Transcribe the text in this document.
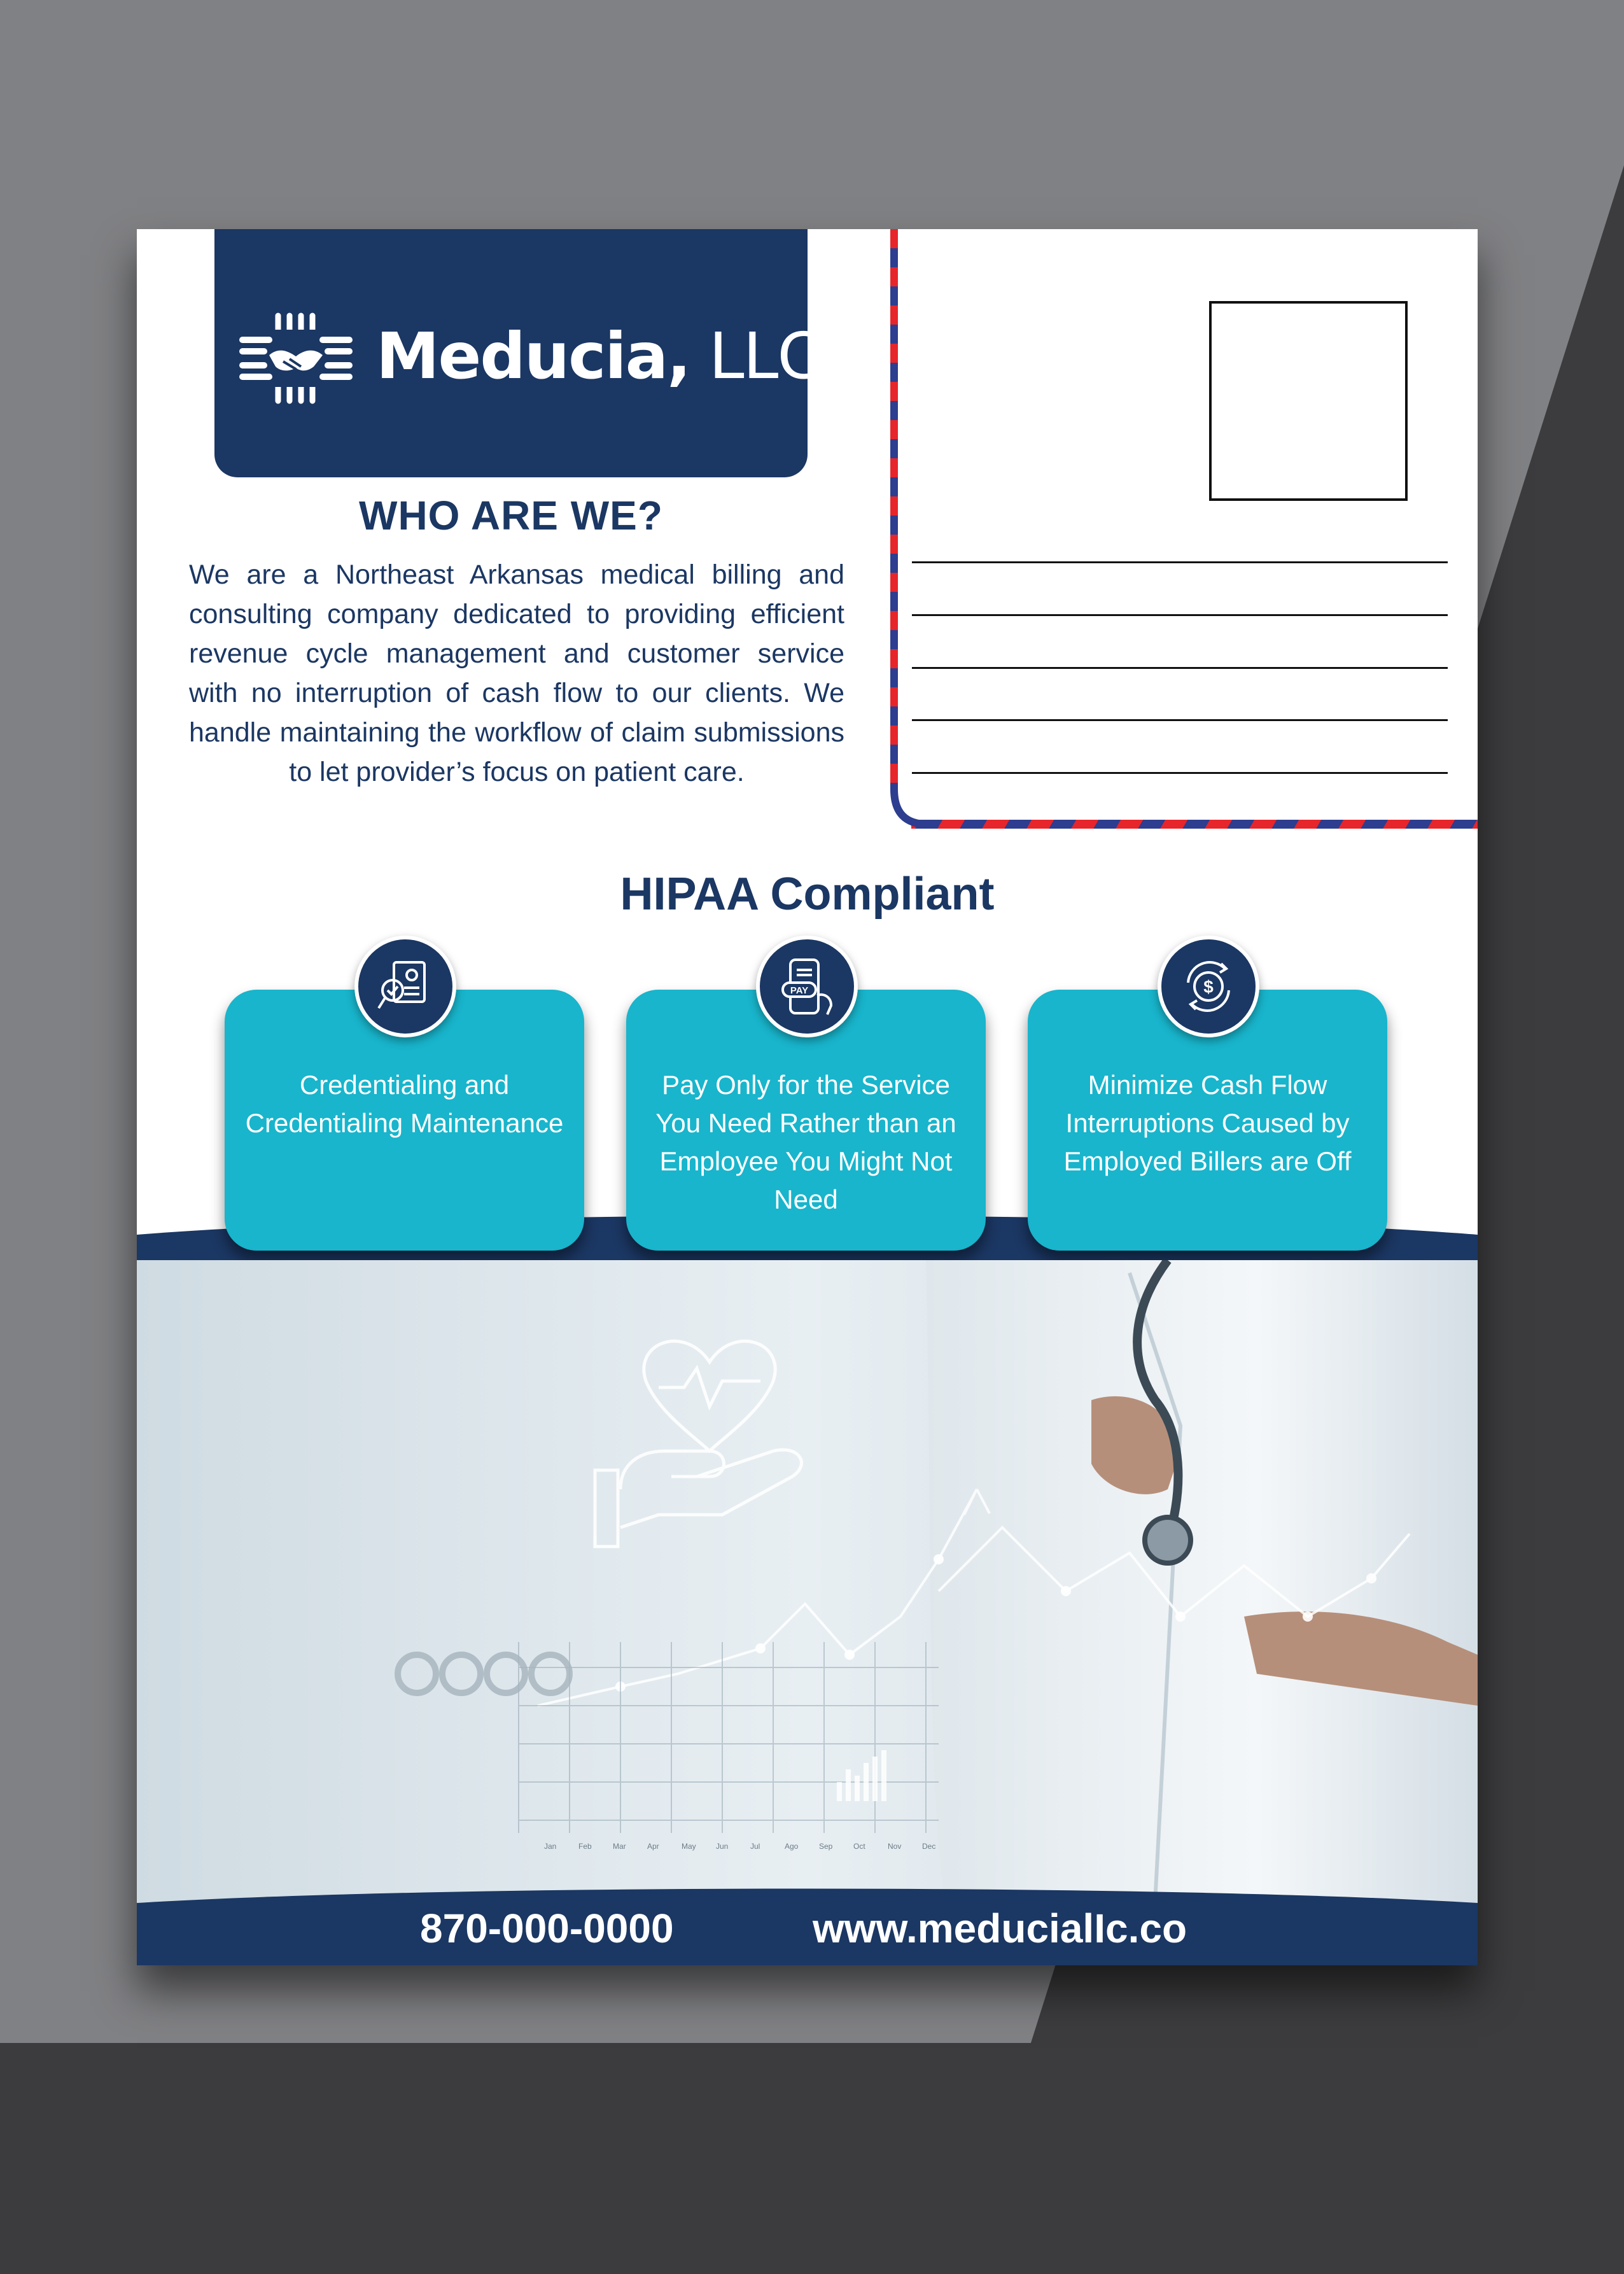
Meducia, LLC
WHO ARE WE?
We are a Northeast Arkansas medical billing and consulting company dedicated to providing efficient revenue cycle management and customer service with no interruption of cash flow to our clients. We handle maintaining the workflow of claim submissions to let provider’s focus on patient care.
HIPAA Compliant
Credentialing and Credentialing Maintenance
Pay Only for the Service You Need Rather than an Employee You Might Not Need
Minimize Cash Flow Interruptions Caused by Employed Billers are Off
PAY	$
Jan	Feb	Mar	Apr	May	Jun	Jul	Ago	Sep	Oct	Nov	Dec
870-000-0000	www.meducialIc.co
